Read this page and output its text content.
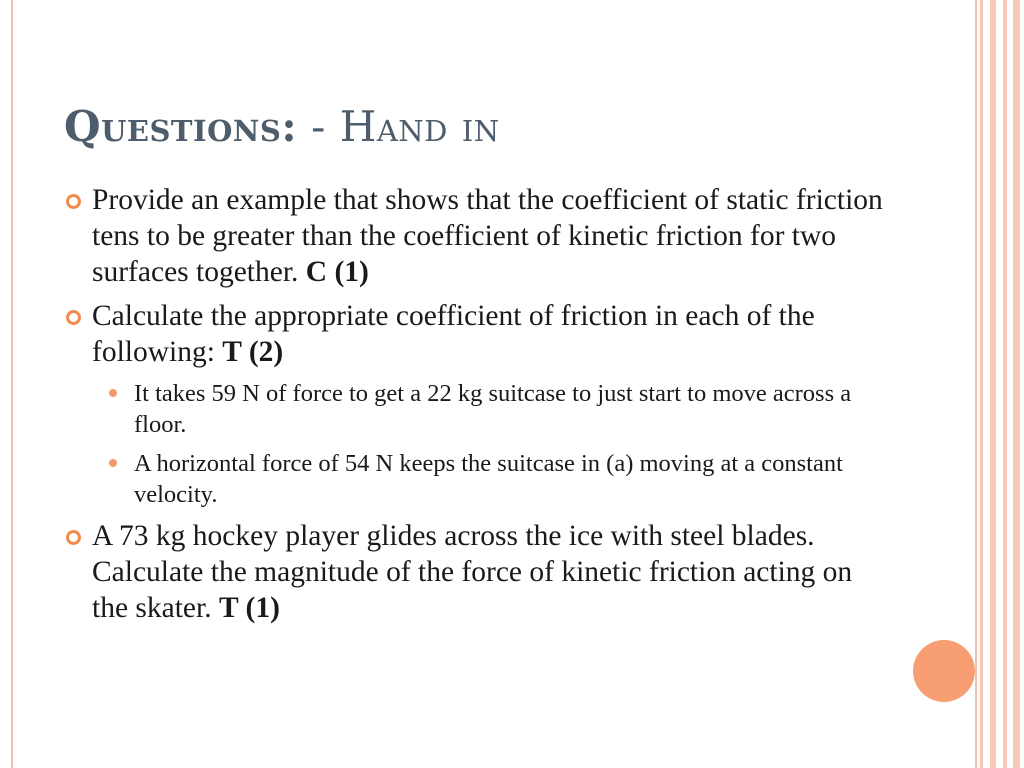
Questions: - Hand in
Provide an example that shows that the coefficient of static friction tens to be greater than the coefficient of kinetic friction for two surfaces together. C (1)
Calculate the appropriate coefficient of friction in each of the following: T (2)
It takes 59 N of force to get a 22 kg suitcase to just start to move across a floor.
A horizontal force of 54 N keeps the suitcase in (a) moving at a constant velocity.
A 73 kg hockey player glides across the ice with steel blades. Calculate the magnitude of the force of kinetic friction acting on the skater. T (1)
